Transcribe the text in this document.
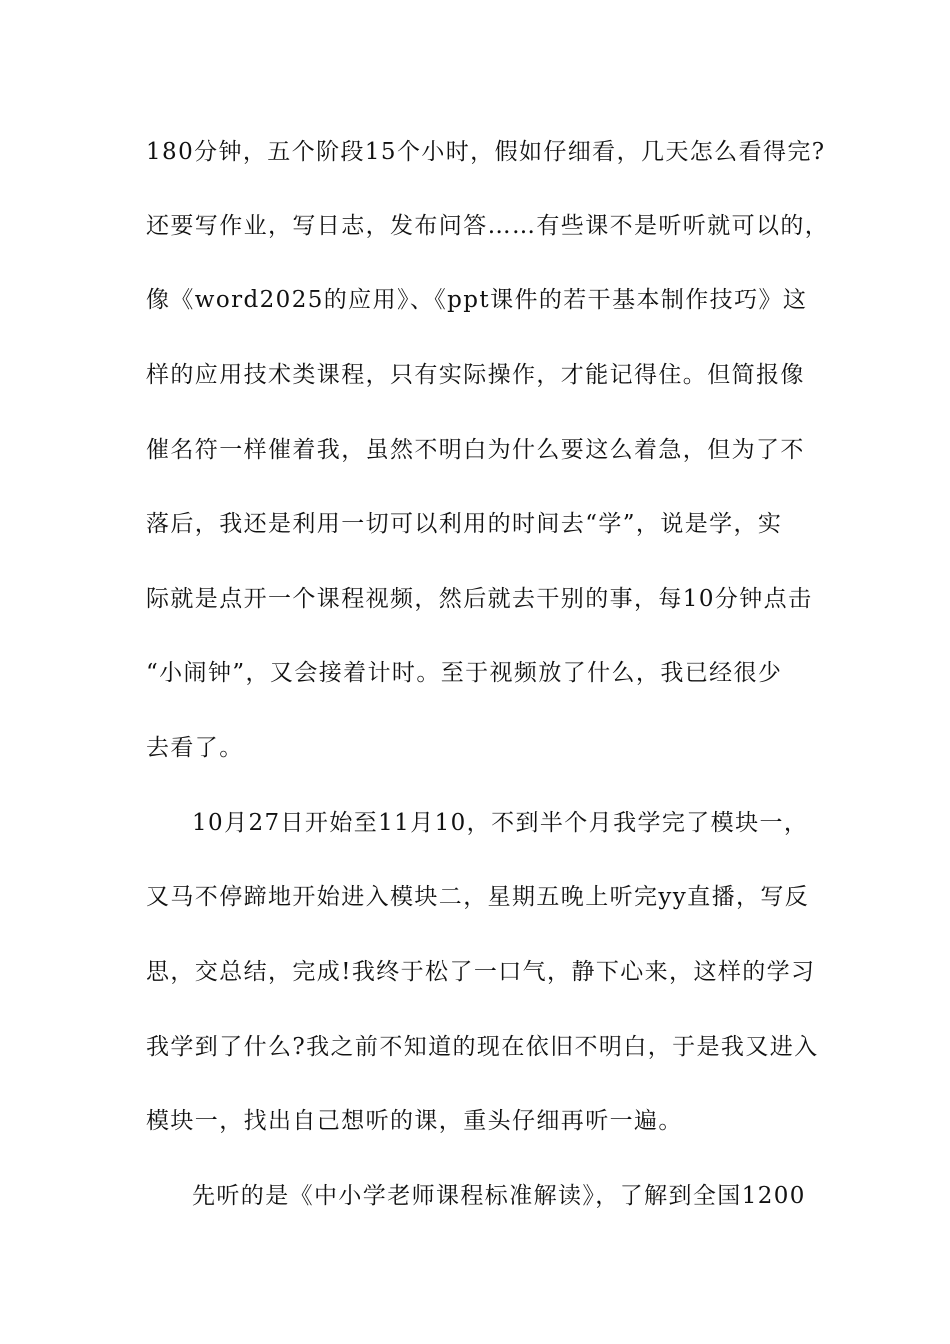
180分钟，五个阶段15个小时，假如仔细看，几天怎么看得完?
还要写作业，写日志，发布问答……有些课不是听听就可以的，
像《word2025的应用》、《ppt课件的若干基本制作技巧》这
样的应用技术类课程，只有实际操作，才能记得住。但简报像
催名符一样催着我，虽然不明白为什么要这么着急，但为了不
落后，我还是利用一切可以利用的时间去“学”，说是学，实
际就是点开一个课程视频，然后就去干别的事，每10分钟点击
“小闹钟”，又会接着计时。至于视频放了什么，我已经很少
去看了。
10月27日开始至11月10，不到半个月我学完了模块一，
又马不停蹄地开始进入模块二，星期五晚上听完yy直播，写反
思，交总结，完成!我终于松了一口气，静下心来，这样的学习
我学到了什么?我之前不知道的现在依旧不明白，于是我又进入
模块一，找出自己想听的课，重头仔细再听一遍。
先听的是《中小学老师课程标准解读》，了解到全国1200
